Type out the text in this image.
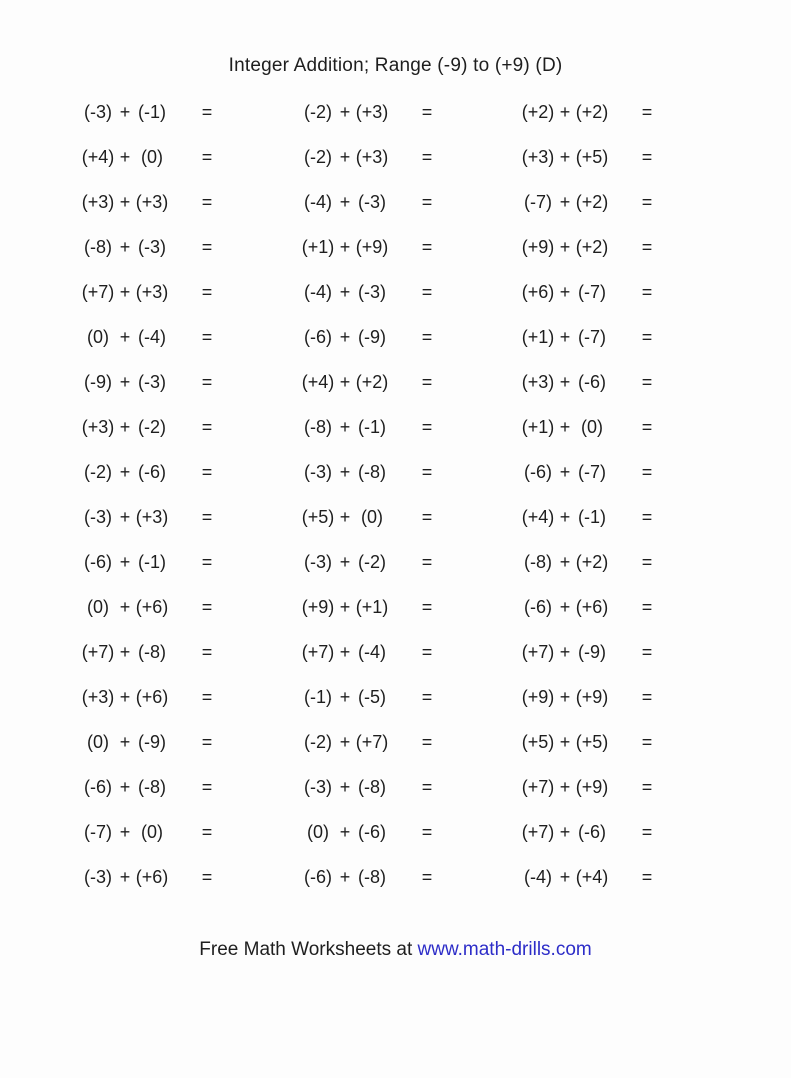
Integer Addition; Range (-9) to (+9) (D)
(-3) + (-1)	=	(-2) + (+3)	=	(+2) + (+2)	=
(+4) + (0)	=	(-2) + (+3)	=	(+3) + (+5)	=
(+3) + (+3)	=	(-4) + (-3)	=	(-7) + (+2)	=
(-8) + (-3)	=	(+1) + (+9)	=	(+9) + (+2)	=
(+7) + (+3)	=	(-4) + (-3)	=	(+6) + (-7)	=
(0) + (-4)	=	(-6) + (-9)	=	(+1) + (-7)	=
(-9) + (-3)	=	(+4) + (+2)	=	(+3) + (-6)	=
(+3) + (-2)	=	(-8) + (-1)	=	(+1) + (0)	=
(-2) + (-6)	=	(-3) + (-8)	=	(-6) + (-7)	=
(-3) + (+3)	=	(+5) + (0)	=	(+4) + (-1)	=
(-6) + (-1)	=	(-3) + (-2)	=	(-8) + (+2)	=
(0) + (+6)	=	(+9) + (+1)	=	(-6) + (+6)	=
(+7) + (-8)	=	(+7) + (-4)	=	(+7) + (-9)	=
(+3) + (+6)	=	(-1) + (-5)	=	(+9) + (+9)	=
(0) + (-9)	=	(-2) + (+7)	=	(+5) + (+5)	=
(-6) + (-8)	=	(-3) + (-8)	=	(+7) + (+9)	=
(-7) + (0)	=	(0) + (-6)	=	(+7) + (-6)	=
(-3) + (+6)	=	(-6) + (-8)	=	(-4) + (+4)	=
Free Math Worksheets at www.math-drills.com
